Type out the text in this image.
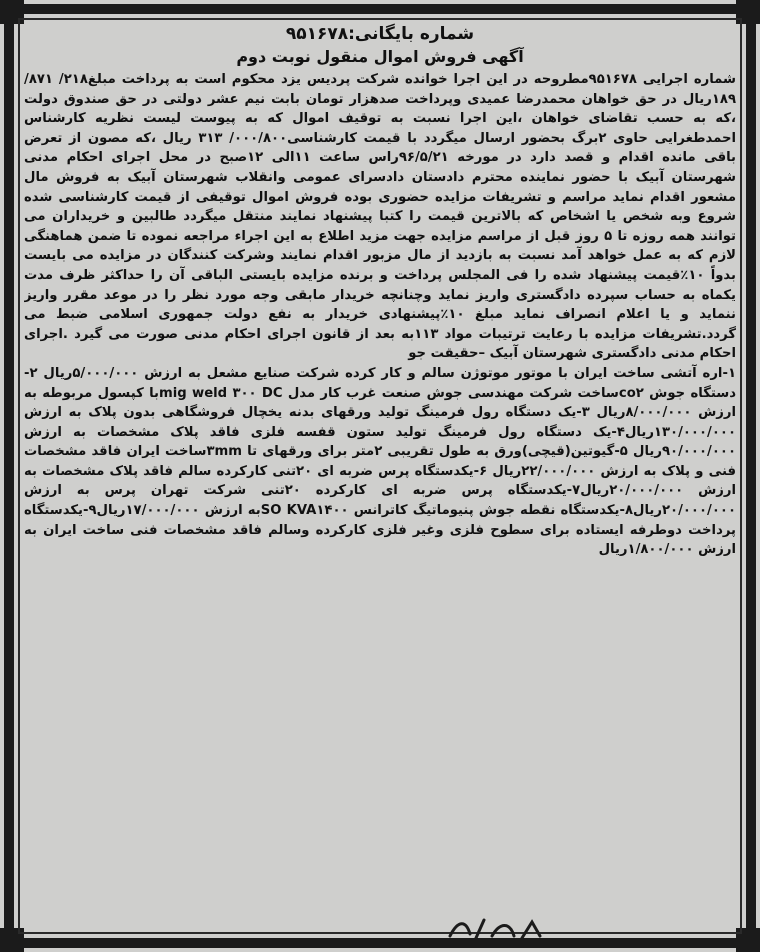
شماره بایگانی:۹۵۱۶۷۸

آگهی فروش اموال منقول نوبت دوم

شماره اجرایی ۹۵۱۶۷۸مطروحه در این اجرا خوانده شرکت پردیس یزد محکوم است به پرداخت مبلغ۲۱۸/ ۸۷۱/ ۱۸۹ریال در حق خواهان محمدرضا عمیدی وپرداخت صدهزار تومان بابت نیم عشر دولتی در حق صندوق دولت ،که به حسب تقاضای خواهان ،این اجرا نسبت به توقیف اموال که به پیوست لیست نظریه کارشناس احمدطغرایی حاوی ۲برگ بحضور ارسال میگردد با قیمت کارشناسی۰۰۰/۸۰۰/ ۳۱۳ ریال ،که مصون از تعرض باقی مانده اقدام و قصد دارد در مورخه ۹۶/۵/۲۱راس ساعت ۱۱الی ۱۲صبح در محل اجرای احکام مدنی شهرستان آبیک با حضور نماینده محترم دادستان دادسرای عمومی وانقلاب شهرستان آبیک به فروش مال مشعور اقدام نماید مراسم و تشریفات مزایده حضوری بوده فروش اموال توقیفی از قیمت کارشناسی شده شروع وبه شخص یا اشخاص که بالاترین قیمت را کتبا پیشنهاد نمایند منتقل میگردد طالبین و خریداران می توانند همه روزه تا ۵ روز قبل از مراسم مزایده جهت مزید اطلاع به این اجراء مراجعه نموده تا ضمن هماهنگی لازم که به عمل خواهد آمد نسبت به بازدید از مال مزبور اقدام نمایند وشرکت کنندگان در مزایده می بایست بدواً ۱۰٪قیمت پیشنهاد شده را فی المجلس پرداخت و برنده مزایده بایستی الباقی آن را حداکثر ظرف مدت یکماه به حساب سپرده دادگستری واریز نماید وچنانچه خریدار مابقی وجه مورد نظر را در موعد مقرر واریز ننماید و یا اعلام انصراف نماید مبلغ ۱۰٪پیشنهادی خریدار به نفع دولت جمهوری اسلامی ضبط می گردد.تشریفات مزایده با رعایت ترتیبات مواد ۱۱۳به بعد از قانون اجرای احکام مدنی صورت می گیرد .اجرای احکام مدنی دادگستری شهرستان آبیک –حقیقت جو

۱-اره آتشی ساخت ایران با موتور موتوژن سالم و کار کرده شرکت صنایع مشعل به ارزش ۵/۰۰۰/۰۰۰ریال ۲-دستگاه جوش co۲ساخت شرکت مهندسی جوش صنعت غرب کار مدل mig weld ۳۰۰ DCبا کپسول مربوطه به ارزش ۸/۰۰۰/۰۰۰ریال ۳-یک دستگاه رول فرمینگ تولید ورقهای بدنه یخچال فروشگاهی بدون پلاک به ارزش ۱۳۰/۰۰۰/۰۰۰ریال۴-یک دستگاه رول فرمینگ تولید ستون قفسه فلزی فاقد پلاک مشخصات به ارزش ۹۰/۰۰۰/۰۰۰ریال ۵-گیوتین(قیچی)ورق به طول تقریبی ۲متر برای ورقهای تا ۳mmساخت ایران فاقد مشخصات فنی و پلاک به ارزش ۲۲/۰۰۰/۰۰۰ریال ۶-یکدستگاه پرس ضربه ای ۲۰تنی کارکرده سالم فاقد پلاک مشخصات به ارزش ۲۰/۰۰۰/۰۰۰ریال۷-یکدستگاه پرس ضربه ای کارکرده ۲۰تنی شرکت تهران پرس به ارزش ۲۰/۰۰۰/۰۰۰ریال۸-یکدستگاه نقطه جوش پنیوماتیگ کاترانس SO KVA۱۴۰۰به ارزش ۱۷/۰۰۰/۰۰۰ریال۹-یکدستگاه پرداخت دوطرفه ایستاده برای سطوح فلزی وغیر فلزی کارکرده وسالم فاقد مشخصات فنی ساخت ایران به ارزش ۱/۸۰۰/۰۰۰ریال
